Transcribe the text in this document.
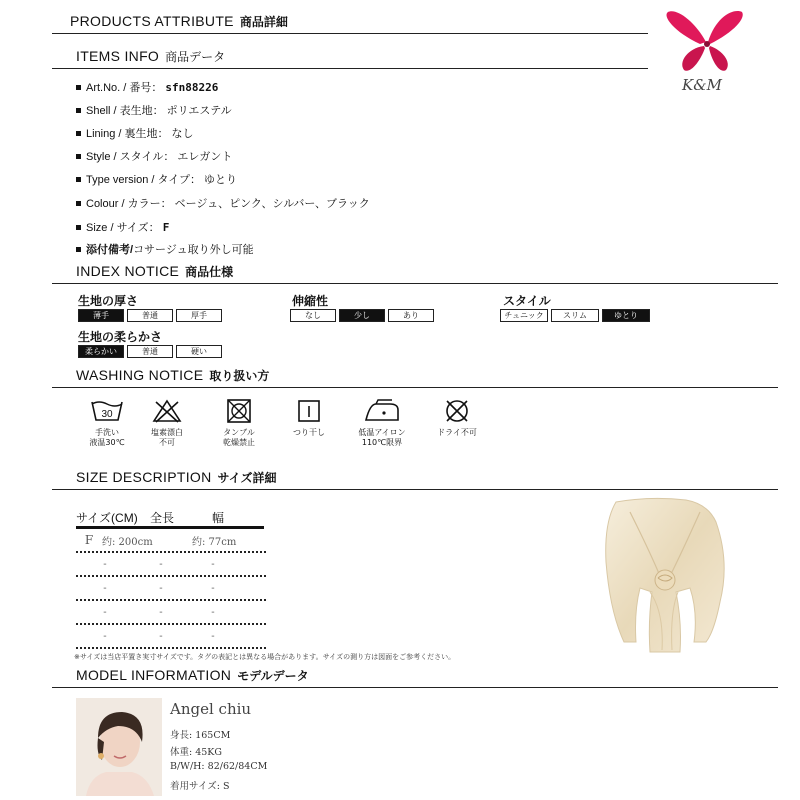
PRODUCTS ATTRIBUTE 商品詳細
K&M
ITEMS INFO 商品データ
Art.No. / 番号： sfn88226
Shell / 表生地： ポリエステル
Lining / 裏生地： なし
Style / スタイル： エレガント
Type version / タイプ： ゆとり
Colour / カラー： ベージュ、ピンク、シルバー、ブラック
Size / サイズ： F
添付備考/ コサージュ取り外し可能
INDEX NOTICE 商品仕様
生地の厚さ
薄手	普通	厚手
伸縮性
なし	少し	あり
スタイル
チュニック	スリム	ゆとり
生地の柔らかさ
柔らかい	普通	硬い
WASHING NOTICE 取り扱い方
30
手洗い
液温30℃
塩素漂白
不可
タンブル
乾燥禁止
つり干し	低温アイロン
110℃限界
ドライ不可
SIZE DESCRIPTION サイズ詳細
サイズ(CM)	全長	幅
F 约: 200cm	约: 77cm
-	-	-
-	-	-
-	-	-
-	-	-
※サイズは当店平置き実寸サイズです。タグの表記とは異なる場合があります。サイズの測り方は図面をご参考ください。
MODEL INFORMATION モデルデータ
Angel chiu
身長: 165CM
体重: 45KG
B/W/H: 82/62/84CM
着用サイズ: S
